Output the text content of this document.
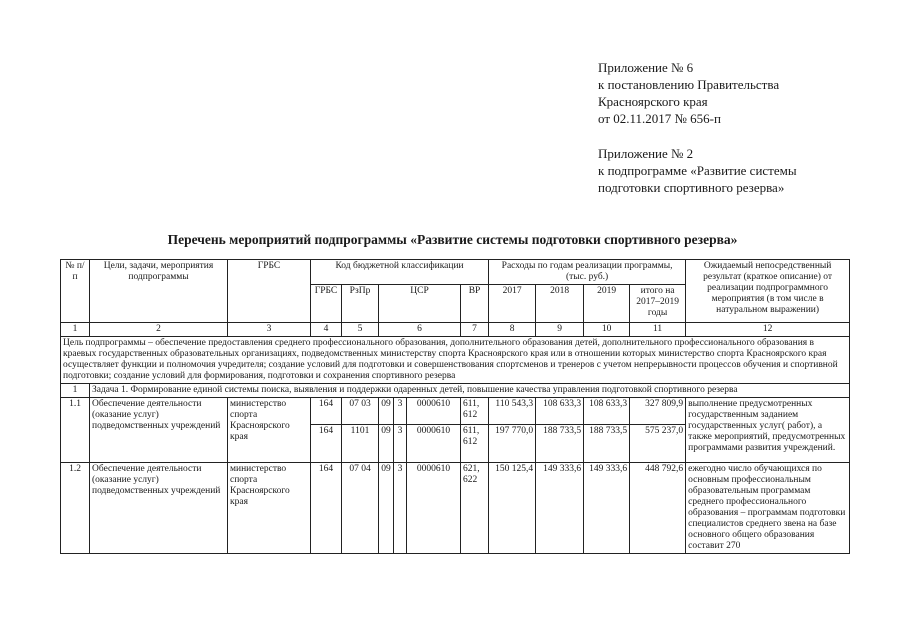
Приложение № 6
к постановлению Правительства
Красноярского края
от 02.11.2017 № 656-п
Приложение № 2
к подпрограмме «Развитие системы
подготовки спортивного резерва»
Перечень мероприятий подпрограммы «Развитие системы подготовки спортивного резерва»
№ п/п	Цели, задачи, мероприятия подпрограммы	ГРБС	Код бюджетной классификации						Расходы по годам реализации программы, (тыс. руб.)				Ожидаемый непосредственный результат (краткое описание) от реализации подпрограммного мероприятия (в том числе в натуральном выражении)
			ГРБС	РзПр	ЦСР			ВР	2017	2018	2019	итого на 2017–2019 годы	
1	2	3	4	5	6			7	8	9	10	11	12
Цель подпрограммы – обеспечение предоставления среднего профессионального образования, дополнительного образования детей, дополнительного профессионального образования в краевых государственных образовательных организациях, подведомственных министерству спорта Красноярского края или в отношении которых министерство спорта Красноярского края осуществляет функции и полномочия учредителя; создание условий для подготовки и совершенствования спортсменов и тренеров с учетом непрерывности процессов обучения и спортивной подготовки; создание условий для формирования, подготовки и сохранения спортивного резерва													
1	Задача 1. Формирование единой системы поиска, выявления и поддержки одаренных детей, повышение качества управления подготовкой спортивного резерва												
1.1	Обеспечение деятельности (оказание услуг) подведомственных учреждений	министерство спорта Красноярского края	164	07 03	09	3	0000610	611, 612	110 543,3	108 633,3	108 633,3	327 809,9	выполнение предусмотренных государственным заданием государственных услуг( работ), а также мероприятий, предусмотренных программами развития учреждений.
			164	1101	09	3	0000610	611, 612	197 770,0	188 733,5	188 733,5	575 237,0	
1.2	Обеспечение деятельности (оказание услуг) подведомственных учреждений	министерство спорта Красноярского края	164	07 04	09	3	0000610	621, 622	150 125,4	149 333,6	149 333,6	448 792,6	ежегодно число обучающихся по основным профессиональным образовательным программам среднего профессионального образования – программам подготовки специалистов среднего звена на базе основного общего образования составит 270
